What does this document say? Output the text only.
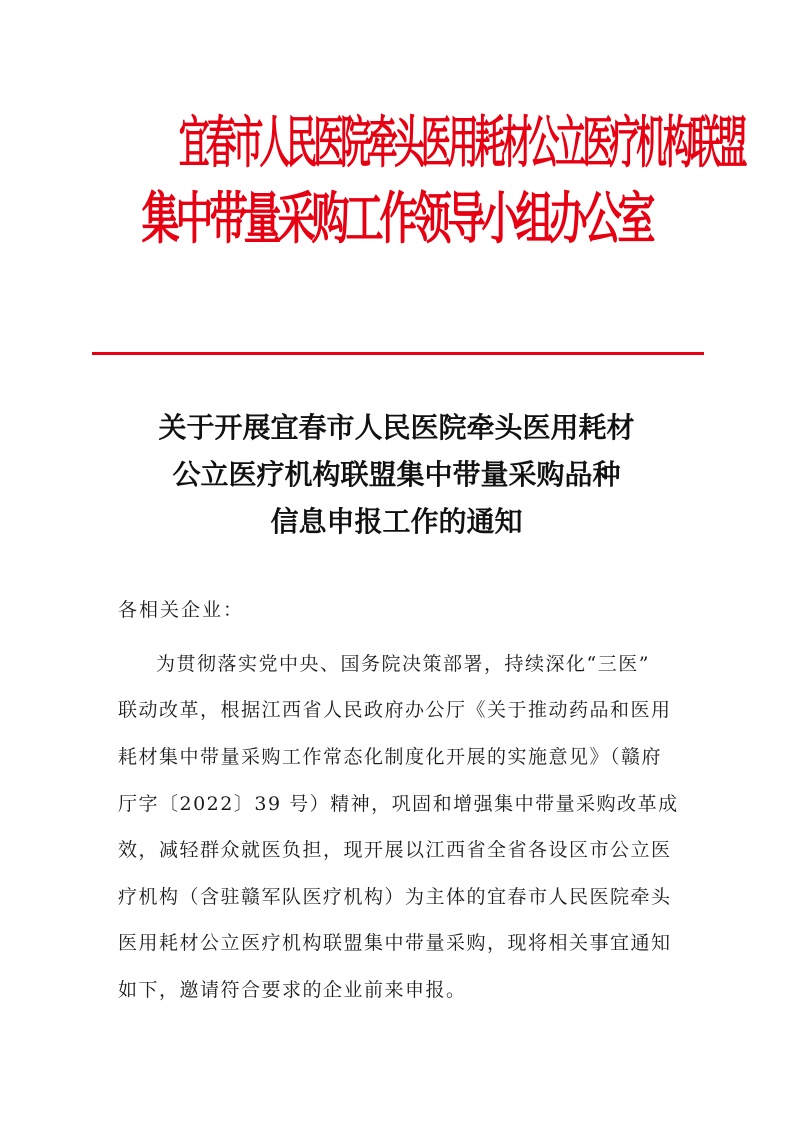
宜春市人民医院牵头医用耗材公立医疗机构联盟
集中带量采购工作领导小组办公室
关于开展宜春市人民医院牵头医用耗材
公立医疗机构联盟集中带量采购品种
信息申报工作的通知
各相关企业：
为贯彻落实党中央、国务院决策部署，持续深化“三医”
联动改革，根据江西省人民政府办公厅《关于推动药品和医用
耗材集中带量采购工作常态化制度化开展的实施意见》（赣府
厅字〔2022〕39 号）精神，巩固和增强集中带量采购改革成
效，减轻群众就医负担，现开展以江西省全省各设区市公立医
疗机构（含驻赣军队医疗机构）为主体的宜春市人民医院牵头
医用耗材公立医疗机构联盟集中带量采购，现将相关事宜通知
如下，邀请符合要求的企业前来申报。
